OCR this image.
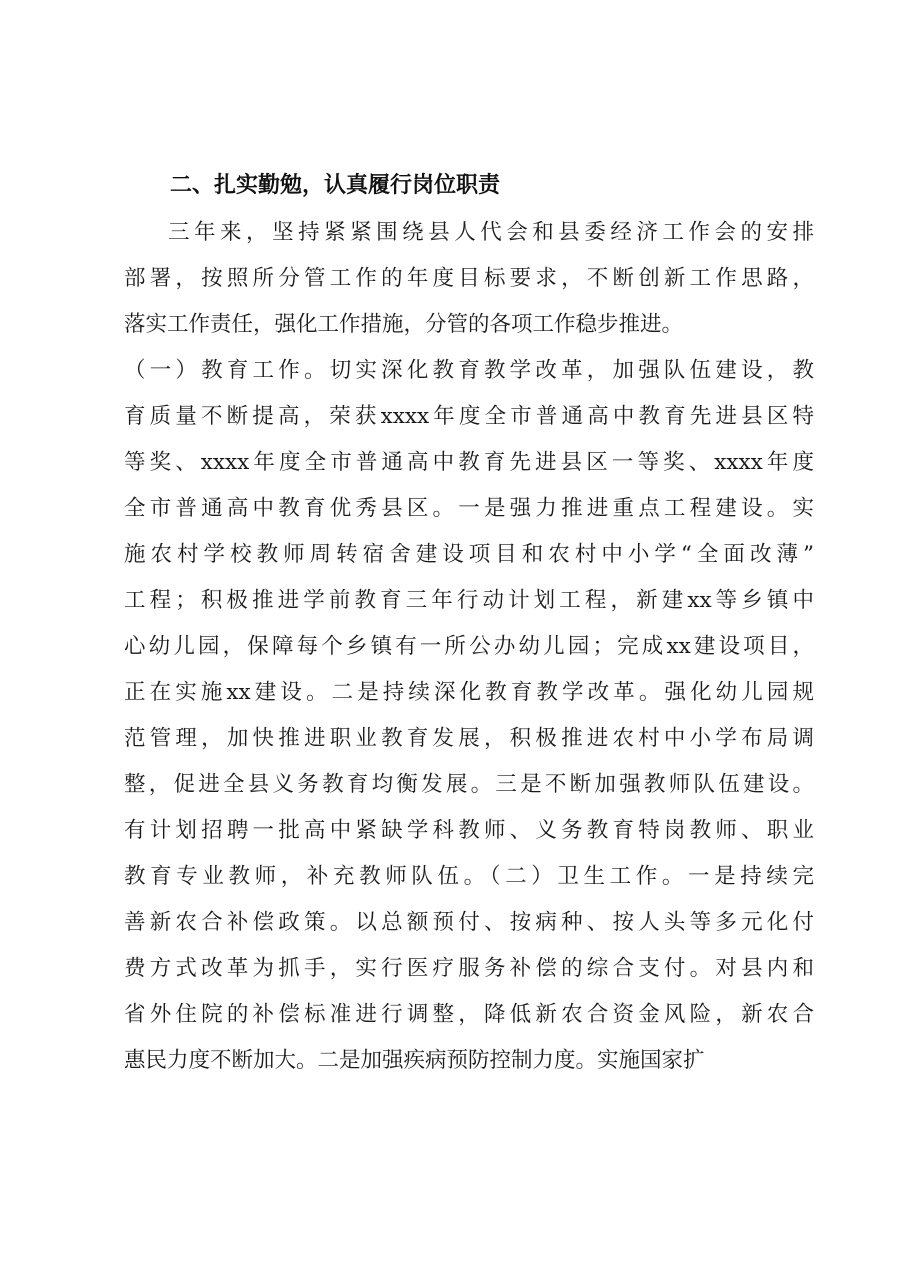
二、扎实勤勉，认真履行岗位职责
三年来，坚持紧紧围绕县人代会和县委经济工作会的安排
部署，按照所分管工作的年度目标要求，不断创新工作思路，
落实工作责任，强化工作措施，分管的各项工作稳步推进。
（一）教育工作。切实深化教育教学改革，加强队伍建设，教
育质量不断提高，荣获xxxx年度全市普通高中教育先进县区特
等奖、xxxx年度全市普通高中教育先进县区一等奖、xxxx年度
全市普通高中教育优秀县区。一是强力推进重点工程建设。实
施农村学校教师周转宿舍建设项目和农村中小学“全面改薄”
工程；积极推进学前教育三年行动计划工程，新建xx等乡镇中
心幼儿园，保障每个乡镇有一所公办幼儿园；完成xx建设项目，
正在实施xx建设。二是持续深化教育教学改革。强化幼儿园规
范管理，加快推进职业教育发展，积极推进农村中小学布局调
整，促进全县义务教育均衡发展。三是不断加强教师队伍建设。
有计划招聘一批高中紧缺学科教师、义务教育特岗教师、职业
教育专业教师，补充教师队伍。（二）卫生工作。一是持续完
善新农合补偿政策。以总额预付、按病种、按人头等多元化付
费方式改革为抓手，实行医疗服务补偿的综合支付。对县内和
省外住院的补偿标准进行调整，降低新农合资金风险，新农合
惠民力度不断加大。二是加强疾病预防控制力度。实施国家扩
